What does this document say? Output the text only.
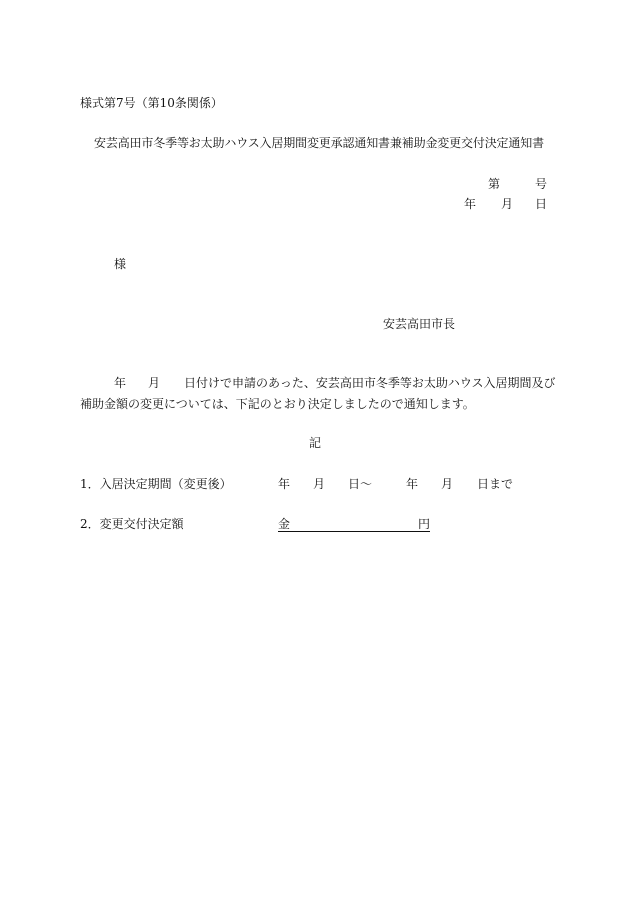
様式第7号（第10条関係）
安芸高田市冬季等お太助ハウス入居期間変更承認通知書兼補助金変更交付決定通知書
第	号
年 月 日
様
安芸高田市長
年 月 日付けで申請のあった、安芸高田市冬季等お太助ハウス入居期間及び
補助金額の変更については、下記のとおり決定しましたので通知します。
記
1．入居決定期間（変更後）	年 月 日～	年 月 日まで
2．変更交付決定額	金	円
